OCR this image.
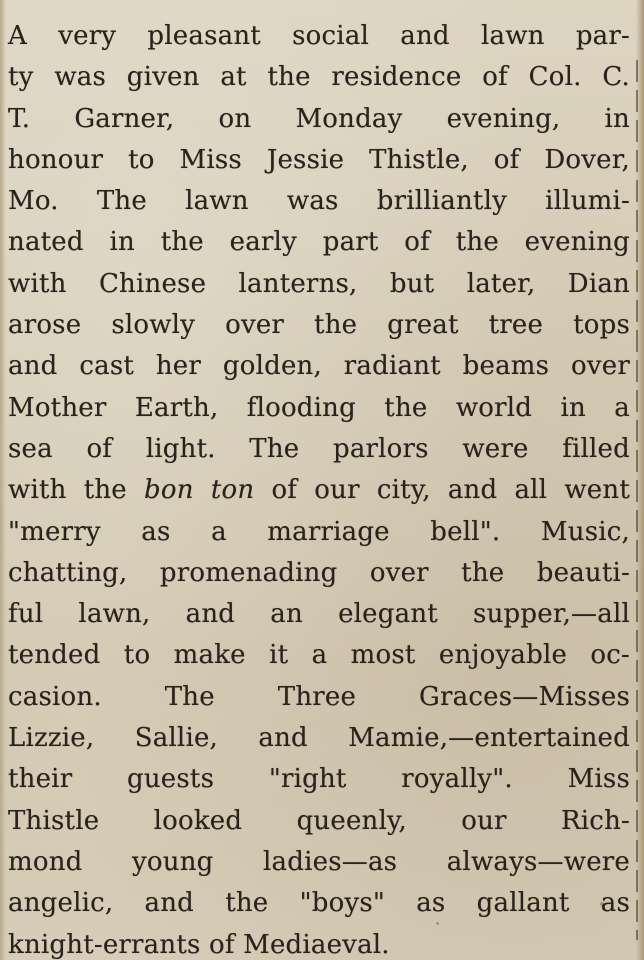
A very pleasant social and lawn par-
ty was given at the residence of Col. C.
T. Garner, on Monday evening, in
honour to Miss Jessie Thistle, of Dover,
Mo. The lawn was brilliantly illumi-
nated in the early part of the evening
with Chinese lanterns, but later, Dian
arose slowly over the great tree tops
and cast her golden, radiant beams over
Mother Earth, flooding the world in a
sea of light. The parlors were filled
with the bon ton of our city, and all went
"merry as a marriage bell". Music,
chatting, promenading over the beauti-
ful lawn, and an elegant supper,—all
tended to make it a most enjoyable oc-
casion. The Three Graces—Misses
Lizzie, Sallie, and Mamie,—entertained
their guests "right royally". Miss
Thistle looked queenly, our Rich-
mond young ladies—as always—were
angelic, and the "boys" as gallant as
knight-errants of Mediaeval.
